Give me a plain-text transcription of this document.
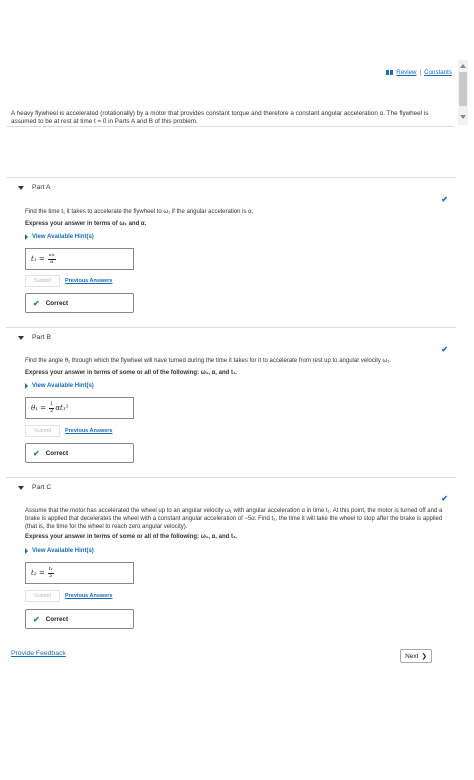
Review | Constants
A heavy flywheel is accelerated (rotationally) by a motor that provides constant torque and therefore a constant angular acceleration α. The flywheel is assumed to be at rest at time t = 0 in Parts A and B of this problem.
Part A
✔
Find the time t₁ it takes to accelerate the flywheel to ω₁ if the angular acceleration is α.
Express your answer in terms of ω₁ and α.
View Available Hint(s)
$t_1 = \frac{\text{ω₁}}{\alpha}$
Submit	Previous Answers
✔ Correct
Part B
✔
Find the angle θ₁ through which the flywheel will have turned during the time it takes for it to accelerate from rest up to angular velocity ω₁.
Express your answer in terms of some or all of the following: ω₁, α, and t₁.
View Available Hint(s)
$\theta_1 = \frac{1}{2} \alpha t_1^2$
Submit	Previous Answers
✔ Correct
Part C
✔
Assume that the motor has accelerated the wheel up to an angular velocity ω₁ with angular acceleration α in time t₁. At this point, the motor is turned off and a brake is applied that decelerates the wheel with a constant angular acceleration of −5α. Find t₂, the time it will take the wheel to stop after the brake is applied (that is, the time for the wheel to reach zero angular velocity).
Express your answer in terms of some or all of the following: ω₁, α, and t₁.
View Available Hint(s)
$t_2 = \frac{\text{t₁}}{5}$
Submit	Previous Answers
✔ Correct
Provide Feedback	Next ❯
